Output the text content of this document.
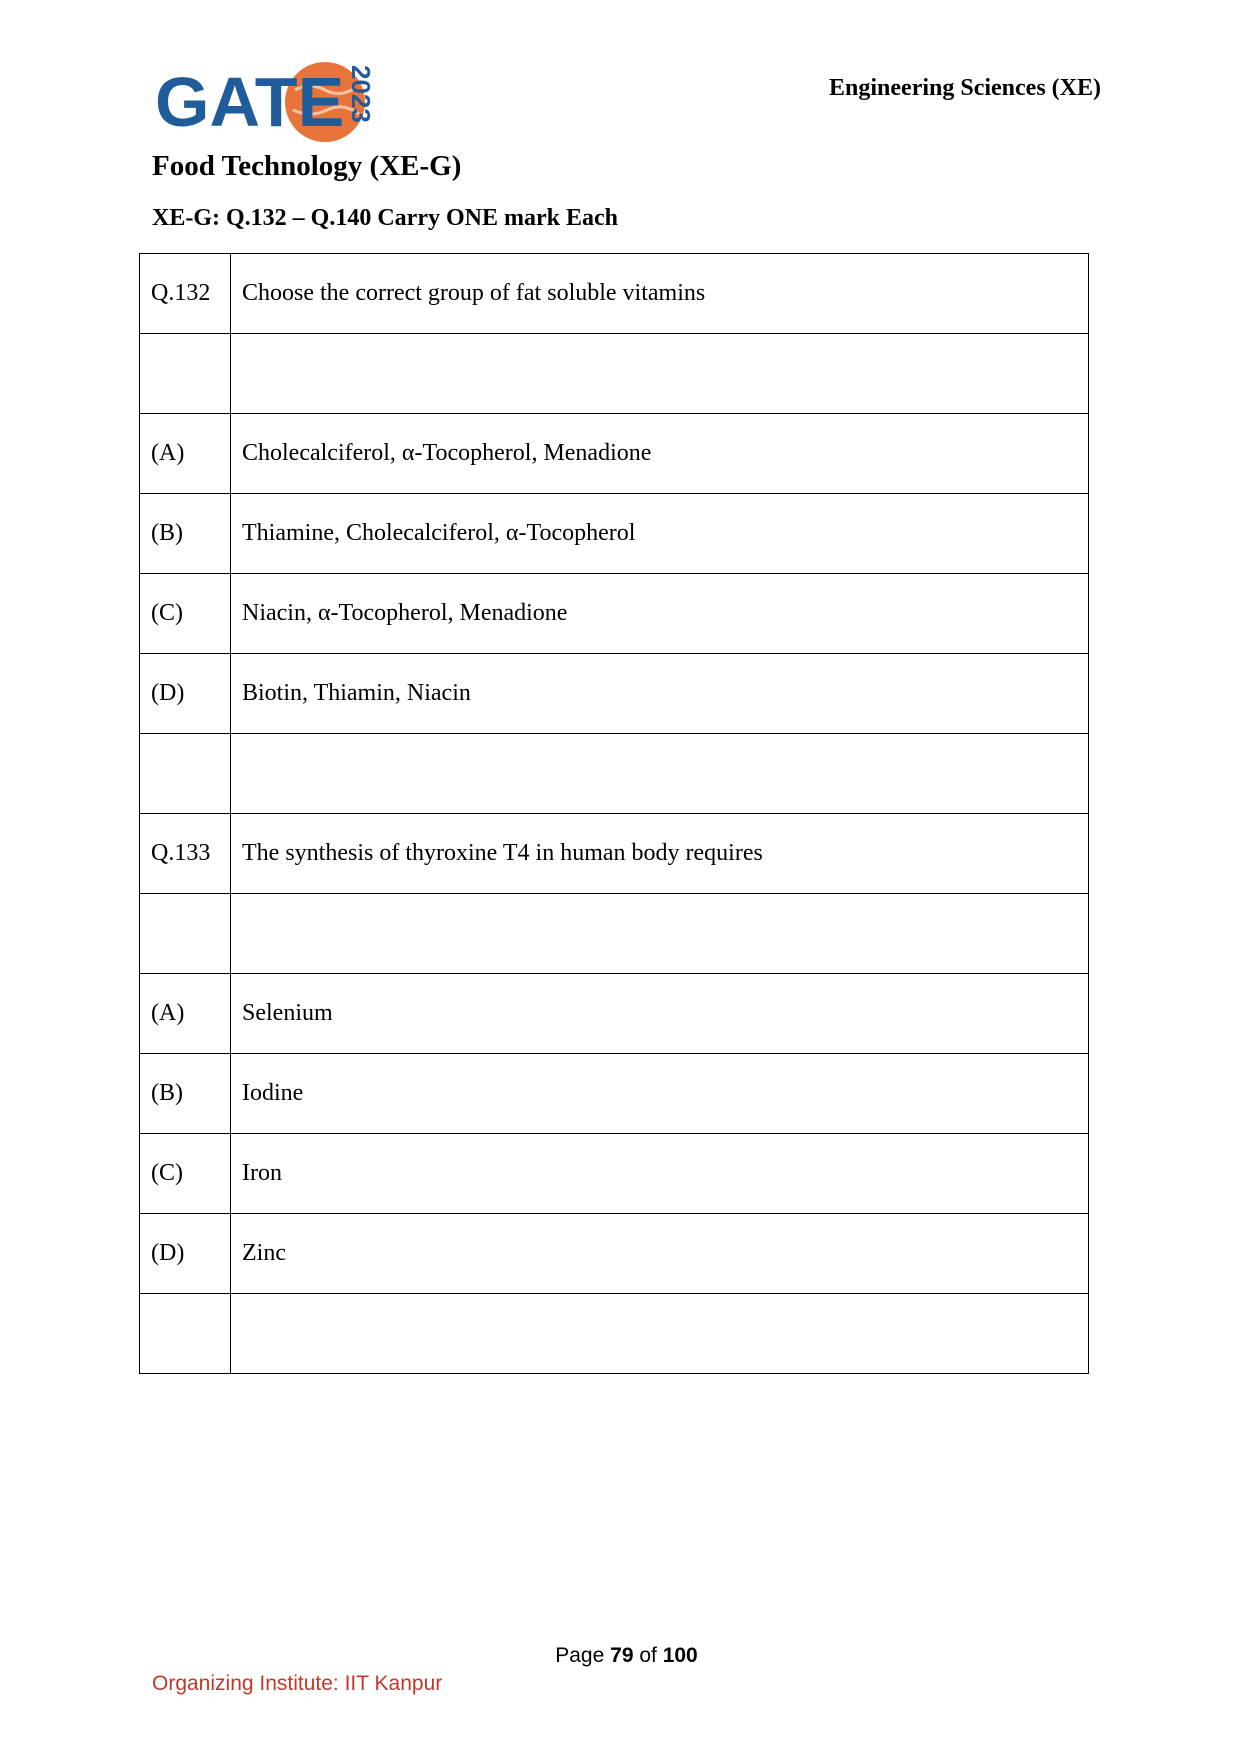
GATE 2023	Engineering Sciences (XE)
Food Technology (XE-G)
XE-G: Q.132 – Q.140 Carry ONE mark Each
Q.132	Choose the correct group of fat soluble vitamins

(A)	Cholecalciferol, α-Tocopherol, Menadione
(B)	Thiamine, Cholecalciferol, α-Tocopherol
(C)	Niacin, α-Tocopherol, Menadione
(D)	Biotin, Thiamin, Niacin

Q.133	The synthesis of thyroxine T4 in human body requires

(A)	Selenium
(B)	Iodine
(C)	Iron
(D)	Zinc

Page 79 of 100
Organizing Institute: IIT Kanpur
